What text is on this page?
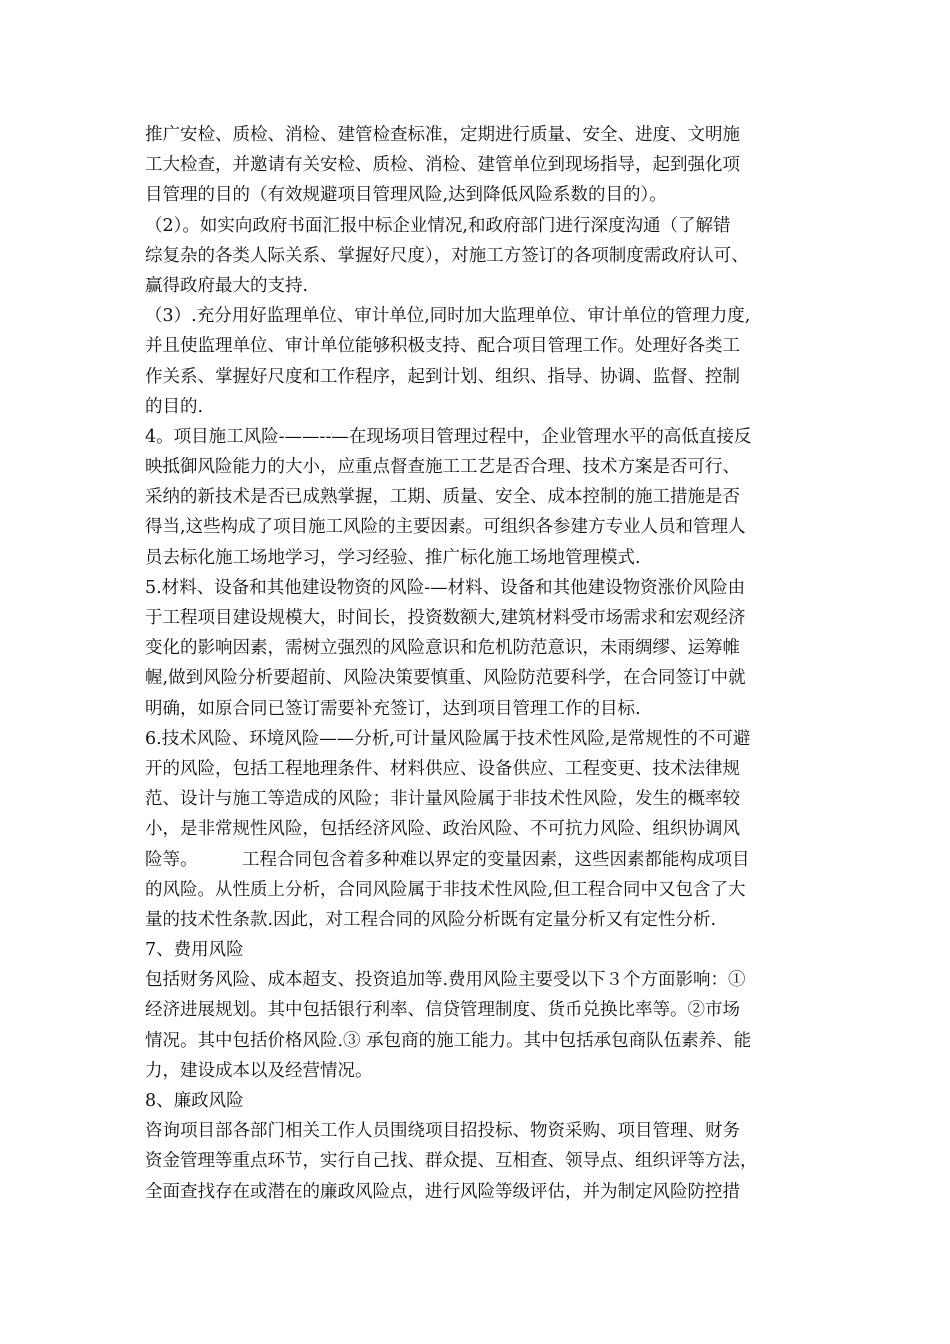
推广安检、质检、消检、建管检查标准，定期进行质量、安全、进度、文明施
工大检查，并邀请有关安检、质检、消检、建管单位到现场指导，起到强化项
目管理的目的（有效规避项目管理风险,达到降低风险系数的目的）。
（2）。如实向政府书面汇报中标企业情况,和政府部门进行深度沟通（了解错
综复杂的各类人际关系、掌握好尺度），对施工方签订的各项制度需政府认可、
赢得政府最大的支持.
（3）.充分用好监理单位、审计单位,同时加大监理单位、审计单位的管理力度,
并且使监理单位、审计单位能够积极支持、配合项目管理工作。处理好各类工
作关系、掌握好尺度和工作程序，起到计划、组织、指导、协调、监督、控制
的目的.
4。项目施工风险-——--—在现场项目管理过程中，企业管理水平的高低直接反
映抵御风险能力的大小，应重点督查施工工艺是否合理、技术方案是否可行、
采纳的新技术是否已成熟掌握，工期、质量、安全、成本控制的施工措施是否
得当,这些构成了项目施工风险的主要因素。可组织各参建方专业人员和管理人
员去标化施工场地学习，学习经验、推广标化施工场地管理模式.
5.材料、设备和其他建设物资的风险-—材料、设备和其他建设物资涨价风险由
于工程项目建设规模大，时间长，投资数额大,建筑材料受市场需求和宏观经济
变化的影响因素，需树立强烈的风险意识和危机防范意识，未雨绸缪、运筹帷
幄,做到风险分析要超前、风险决策要慎重、风险防范要科学，在合同签订中就
明确，如原合同已签订需要补充签订，达到项目管理工作的目标.
6.技术风险、环境风险——分析,可计量风险属于技术性风险,是常规性的不可避
开的风险，包括工程地理条件、材料供应、设备供应、工程变更、技术法律规
范、设计与施工等造成的风险；非计量风险属于非技术性风险，发生的概率较
小，是非常规性风险，包括经济风险、政治风险、不可抗力风险、组织协调风
险等。        工程合同包含着多种难以界定的变量因素，这些因素都能构成项目
的风险。从性质上分析，合同风险属于非技术性风险,但工程合同中又包含了大
量的技术性条款.因此，对工程合同的风险分析既有定量分析又有定性分析.
7、费用风险
包括财务风险、成本超支、投资追加等.费用风险主要受以下３个方面影响：①
经济进展规划。其中包括银行利率、信贷管理制度、货币兑换比率等。②市场
情况。其中包括价格风险.③ 承包商的施工能力。其中包括承包商队伍素养、能
力，建设成本以及经营情况。
8、廉政风险
咨询项目部各部门相关工作人员围绕项目招投标、物资采购、项目管理、财务
资金管理等重点环节，实行自己找、群众提、互相查、领导点、组织评等方法，
全面查找存在或潜在的廉政风险点，进行风险等级评估，并为制定风险防控措
